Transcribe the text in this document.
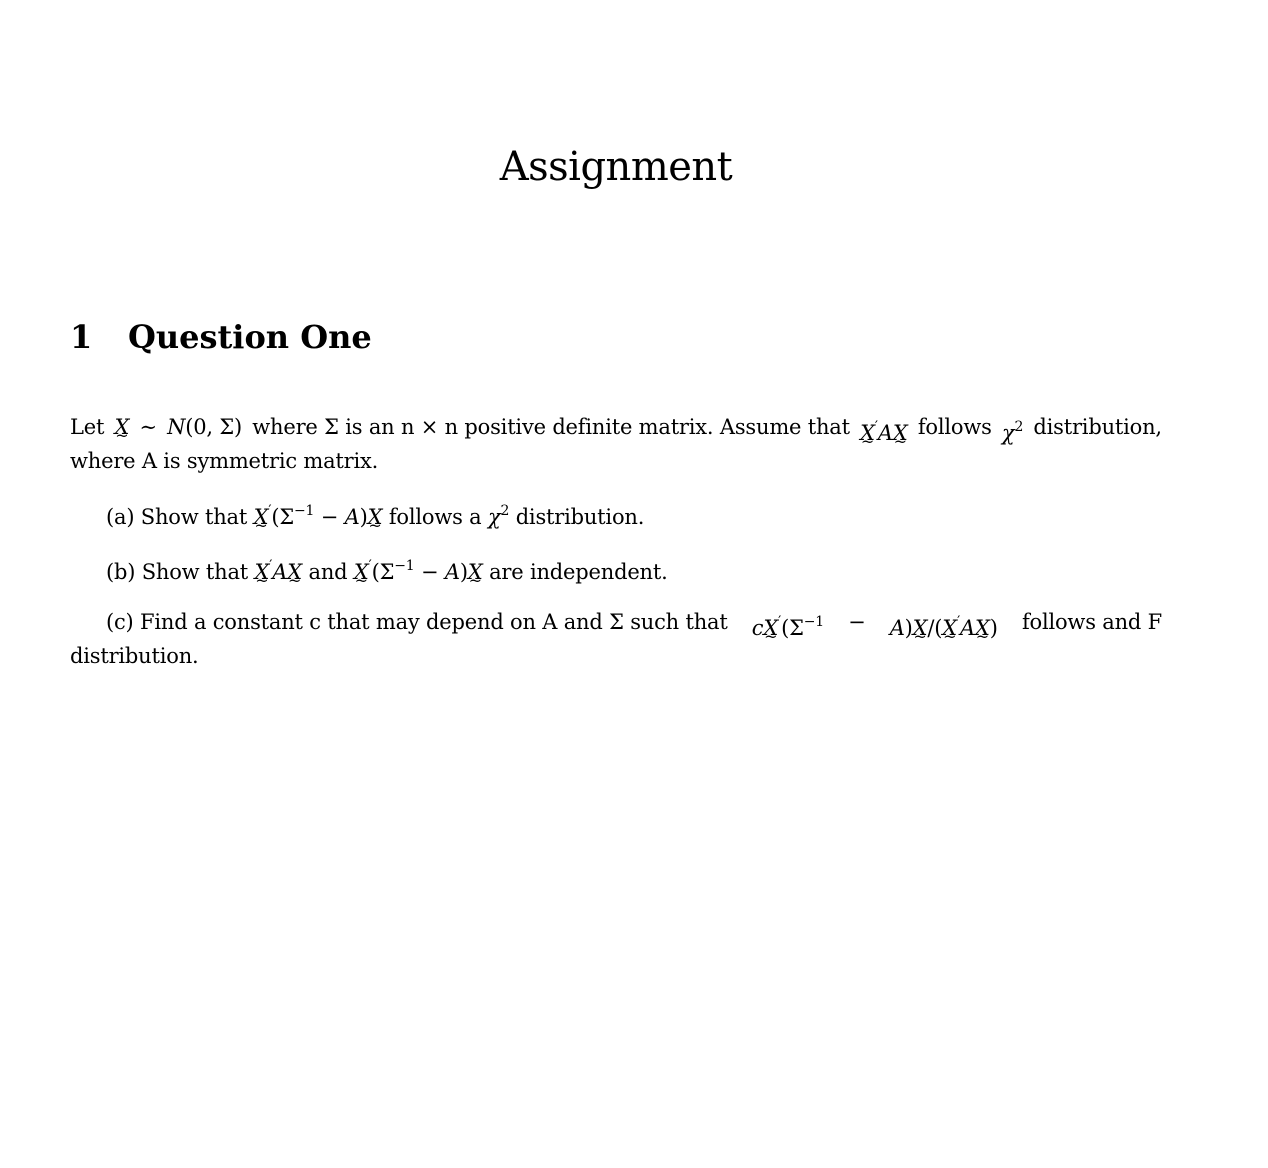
Assignment
1 Question One
Let X ~ ∼ N(0, Σ) where Σ is an n × n positive definite matrix. Assume that X ~′AX ~ follows $\chi^2$ distribution,
where A is symmetric matrix.
(a) Show that X $\sim'(\Sigma^{-1} - A)X$ ~ follows a $\chi^2$ distribution.
(b) Show that X ~′AX ~ and X $\sim'(\Sigma^{-1} - A)X$ ~ are independent.
(c) Find a constant c that may depend on A and Σ such that cX $\sim'(\Sigma^{-1} - A)X$ ~/(X ~′AX ~) follows and F
distribution.
